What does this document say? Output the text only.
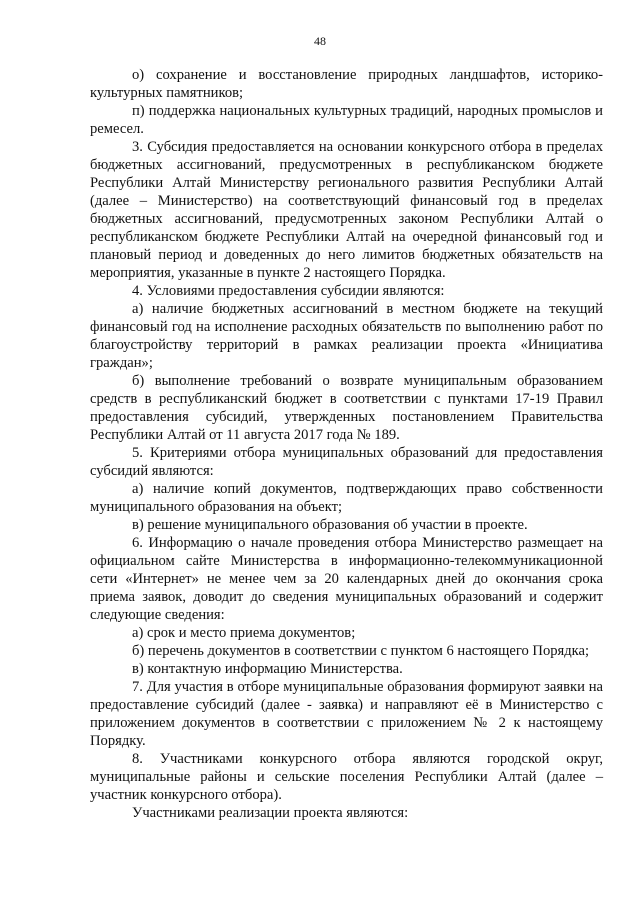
48

о) сохранение и восстановление природных ландшафтов, историко-культурных памятников;

п) поддержка национальных культурных традиций, народных промыслов и ремесел.

3. Субсидия предоставляется на основании конкурсного отбора в пределах бюджетных ассигнований, предусмотренных в республиканском бюджете Республики Алтай Министерству регионального развития Республики Алтай (далее – Министерство) на соответствующий финансовый год в пределах бюджетных ассигнований, предусмотренных законом Республики Алтай о республиканском бюджете Республики Алтай на очередной финансовый год и плановый период и доведенных до него лимитов бюджетных обязательств на мероприятия, указанные в пункте 2 настоящего Порядка.

4. Условиями предоставления субсидии являются:

а) наличие бюджетных ассигнований в местном бюджете на текущий финансовый год на исполнение расходных обязательств по выполнению работ по благоустройству территорий в рамках реализации проекта «Инициатива граждан»;

б) выполнение требований о возврате муниципальным образованием средств в республиканский бюджет в соответствии с пунктами 17-19 Правил предоставления субсидий, утвержденных постановлением Правительства Республики Алтай от 11 августа 2017 года № 189.

5. Критериями отбора муниципальных образований для предоставления субсидий являются:

а) наличие копий документов, подтверждающих право собственности муниципального образования на объект;

в) решение муниципального образования об участии в проекте.

6. Информацию о начале проведения отбора Министерство размещает на официальном сайте Министерства в информационно-телекоммуникационной сети «Интернет» не менее чем за 20 календарных дней до окончания срока приема заявок, доводит до сведения муниципальных образований и содержит следующие сведения:

а) срок и место приема документов;

б) перечень документов в соответствии с пунктом 6 настоящего Порядка;

в) контактную информацию Министерства.

7. Для участия в отборе муниципальные образования формируют заявки на предоставление субсидий (далее - заявка) и направляют её в Министерство с приложением документов в соответствии с приложением № 2 к настоящему Порядку.

8. Участниками конкурсного отбора являются городской округ, муниципальные районы и сельские поселения Республики Алтай (далее – участник конкурсного отбора).

Участниками реализации проекта являются:
